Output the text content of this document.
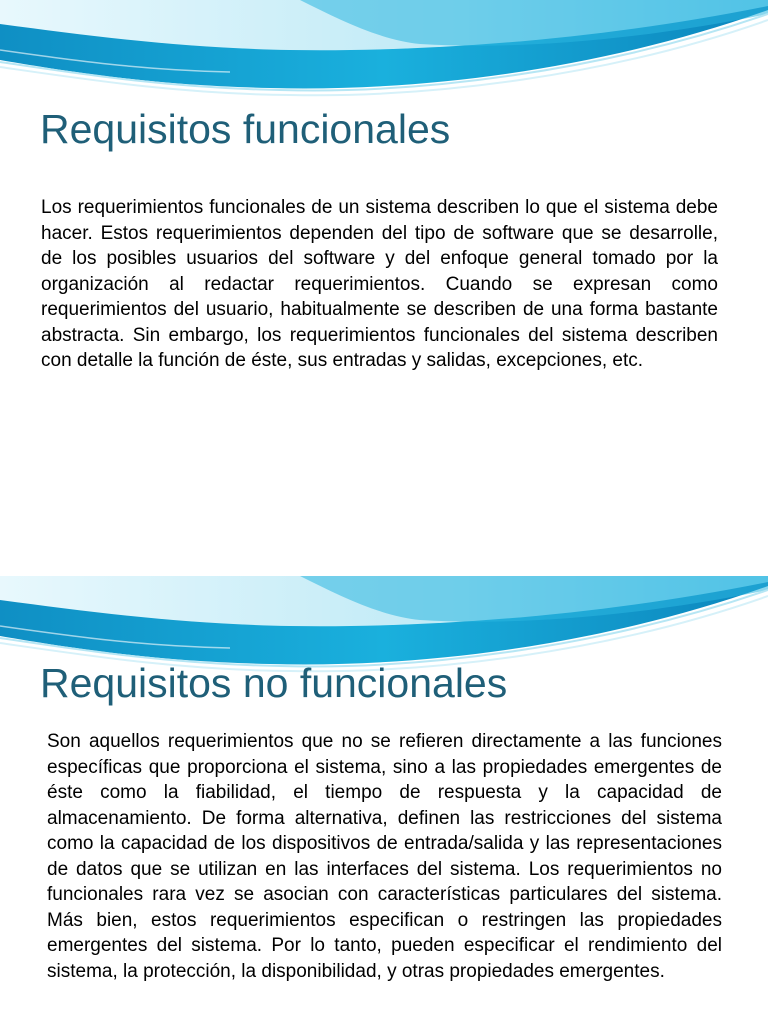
Requisitos funcionales

Los requerimientos funcionales de un sistema describen lo que el sistema debe hacer. Estos requerimientos dependen del tipo de software que se desarrolle, de los posibles usuarios del software y del enfoque general tomado por la organización al redactar requerimientos. Cuando se expresan como requerimientos del usuario, habitualmente se describen de una forma bastante abstracta. Sin embargo, los requerimientos funcionales del sistema describen con detalle la función de éste, sus entradas y salidas, excepciones, etc.

Requisitos no funcionales

Son aquellos requerimientos que no se refieren directamente a las funciones específicas que proporciona el sistema, sino a las propiedades emergentes de éste como la fiabilidad, el tiempo de respuesta y la capacidad de almacenamiento. De forma alternativa, definen las restricciones del sistema como la capacidad de los dispositivos de entrada/salida y las representaciones de datos que se utilizan en las interfaces del sistema. Los requerimientos no funcionales rara vez se asocian con características particulares del sistema. Más bien, estos requerimientos especifican o restringen las propiedades emergentes del sistema. Por lo tanto, pueden especificar el rendimiento del sistema, la protección, la disponibilidad, y otras propiedades emergentes.
